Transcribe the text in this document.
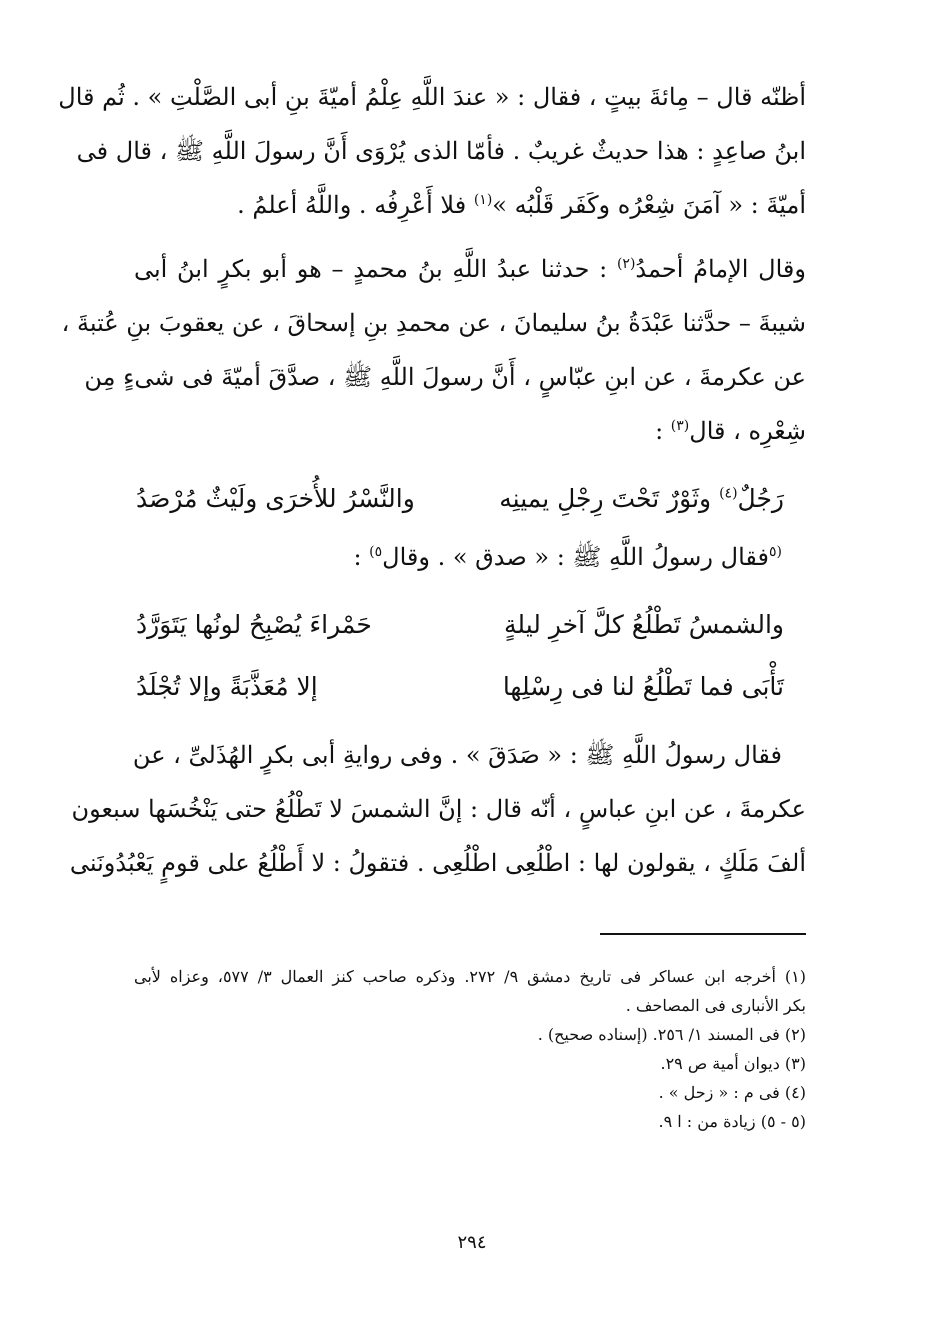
أظنّه قال – مِائةَ بيتٍ ، فقال : « عندَ اللَّهِ عِلْمُ أميّةَ بنِ أبى الصَّلْتِ » . ثُم قال
ابنُ صاعِدٍ : هذا حديثٌ غريبٌ . فأمّا الذى يُرْوَى أَنَّ رسولَ اللَّهِ ﷺ ، قال فى
أميّةَ : « آمَنَ شِعْرُه وكَفَر قَلْبُه »$^{(١)}$ فلا أَعْرِفُه . واللَّهُ أعلمُ .
وقال الإمامُ أحمدُ$^{(٢)}$ : حدثنا عبدُ اللَّهِ بنُ محمدٍ – هو أبو بكرٍ ابنُ أبى
شيبةَ – حدَّثنا عَبْدَةُ بنُ سليمانَ ، عن محمدِ بنِ إسحاقَ ، عن يعقوبَ بنِ عُتبةَ ،
عن عكرمةَ ، عن ابنِ عبّاسٍ ، أَنَّ رسولَ اللَّهِ ﷺ ، صدَّقَ أميّةَ فى شىءٍ مِن
شِعْرِه ، قال$^{(٣)}$ :
رَجُلٌ$^{(٤)}$ وثَوْرٌ تَحْتَ رِجْلِ يمينِه
والنَّسْرُ للأُخرَى ولَيْثٌ مُرْصَدُ
$^{(٥}$فقال رسولُ اللَّهِ ﷺ : « صدق » . وقال$^{٥)}$ :
والشمسُ تَطْلُعُ كلَّ آخرِ ليلةٍ
حَمْراءَ يُصْبِحُ لونُها يَتَوَرَّدُ
تَأْبَى فما تَطْلُعُ لنا فى رِسْلِها
إلا مُعَذَّبَةً وإلا تُجْلَدُ
فقال رسولُ اللَّهِ ﷺ : « صَدَقَ » . وفى روايةِ أبى بكرٍ الهُذَلىِّ ، عن
عكرمةَ ، عن ابنِ عباسٍ ، أنّه قال : إنَّ الشمسَ لا تَطْلُعُ حتى يَنْخُسَها سبعون
ألفَ مَلَكٍ ، يقولون لها : اطْلُعِى اطْلُعِى . فتقولُ : لا أَطْلُعُ على قومٍ يَعْبُدُونَنى
(١) أخرجه ابن عساكر فى تاريخ دمشق ٩/ ٢٧٢. وذكره صاحب كنز العمال ٣/ ٥٧٧، وعزاه لأبى
بكر الأنبارى فى المصاحف .
(٢) فى المسند ١/ ٢٥٦. (إسناده صحيح) .
(٣) ديوان أمية ص ٢٩.
(٤) فى م : « زحل » .
(٥ - ٥) زيادة من : ا ٩.
٢٩٤
